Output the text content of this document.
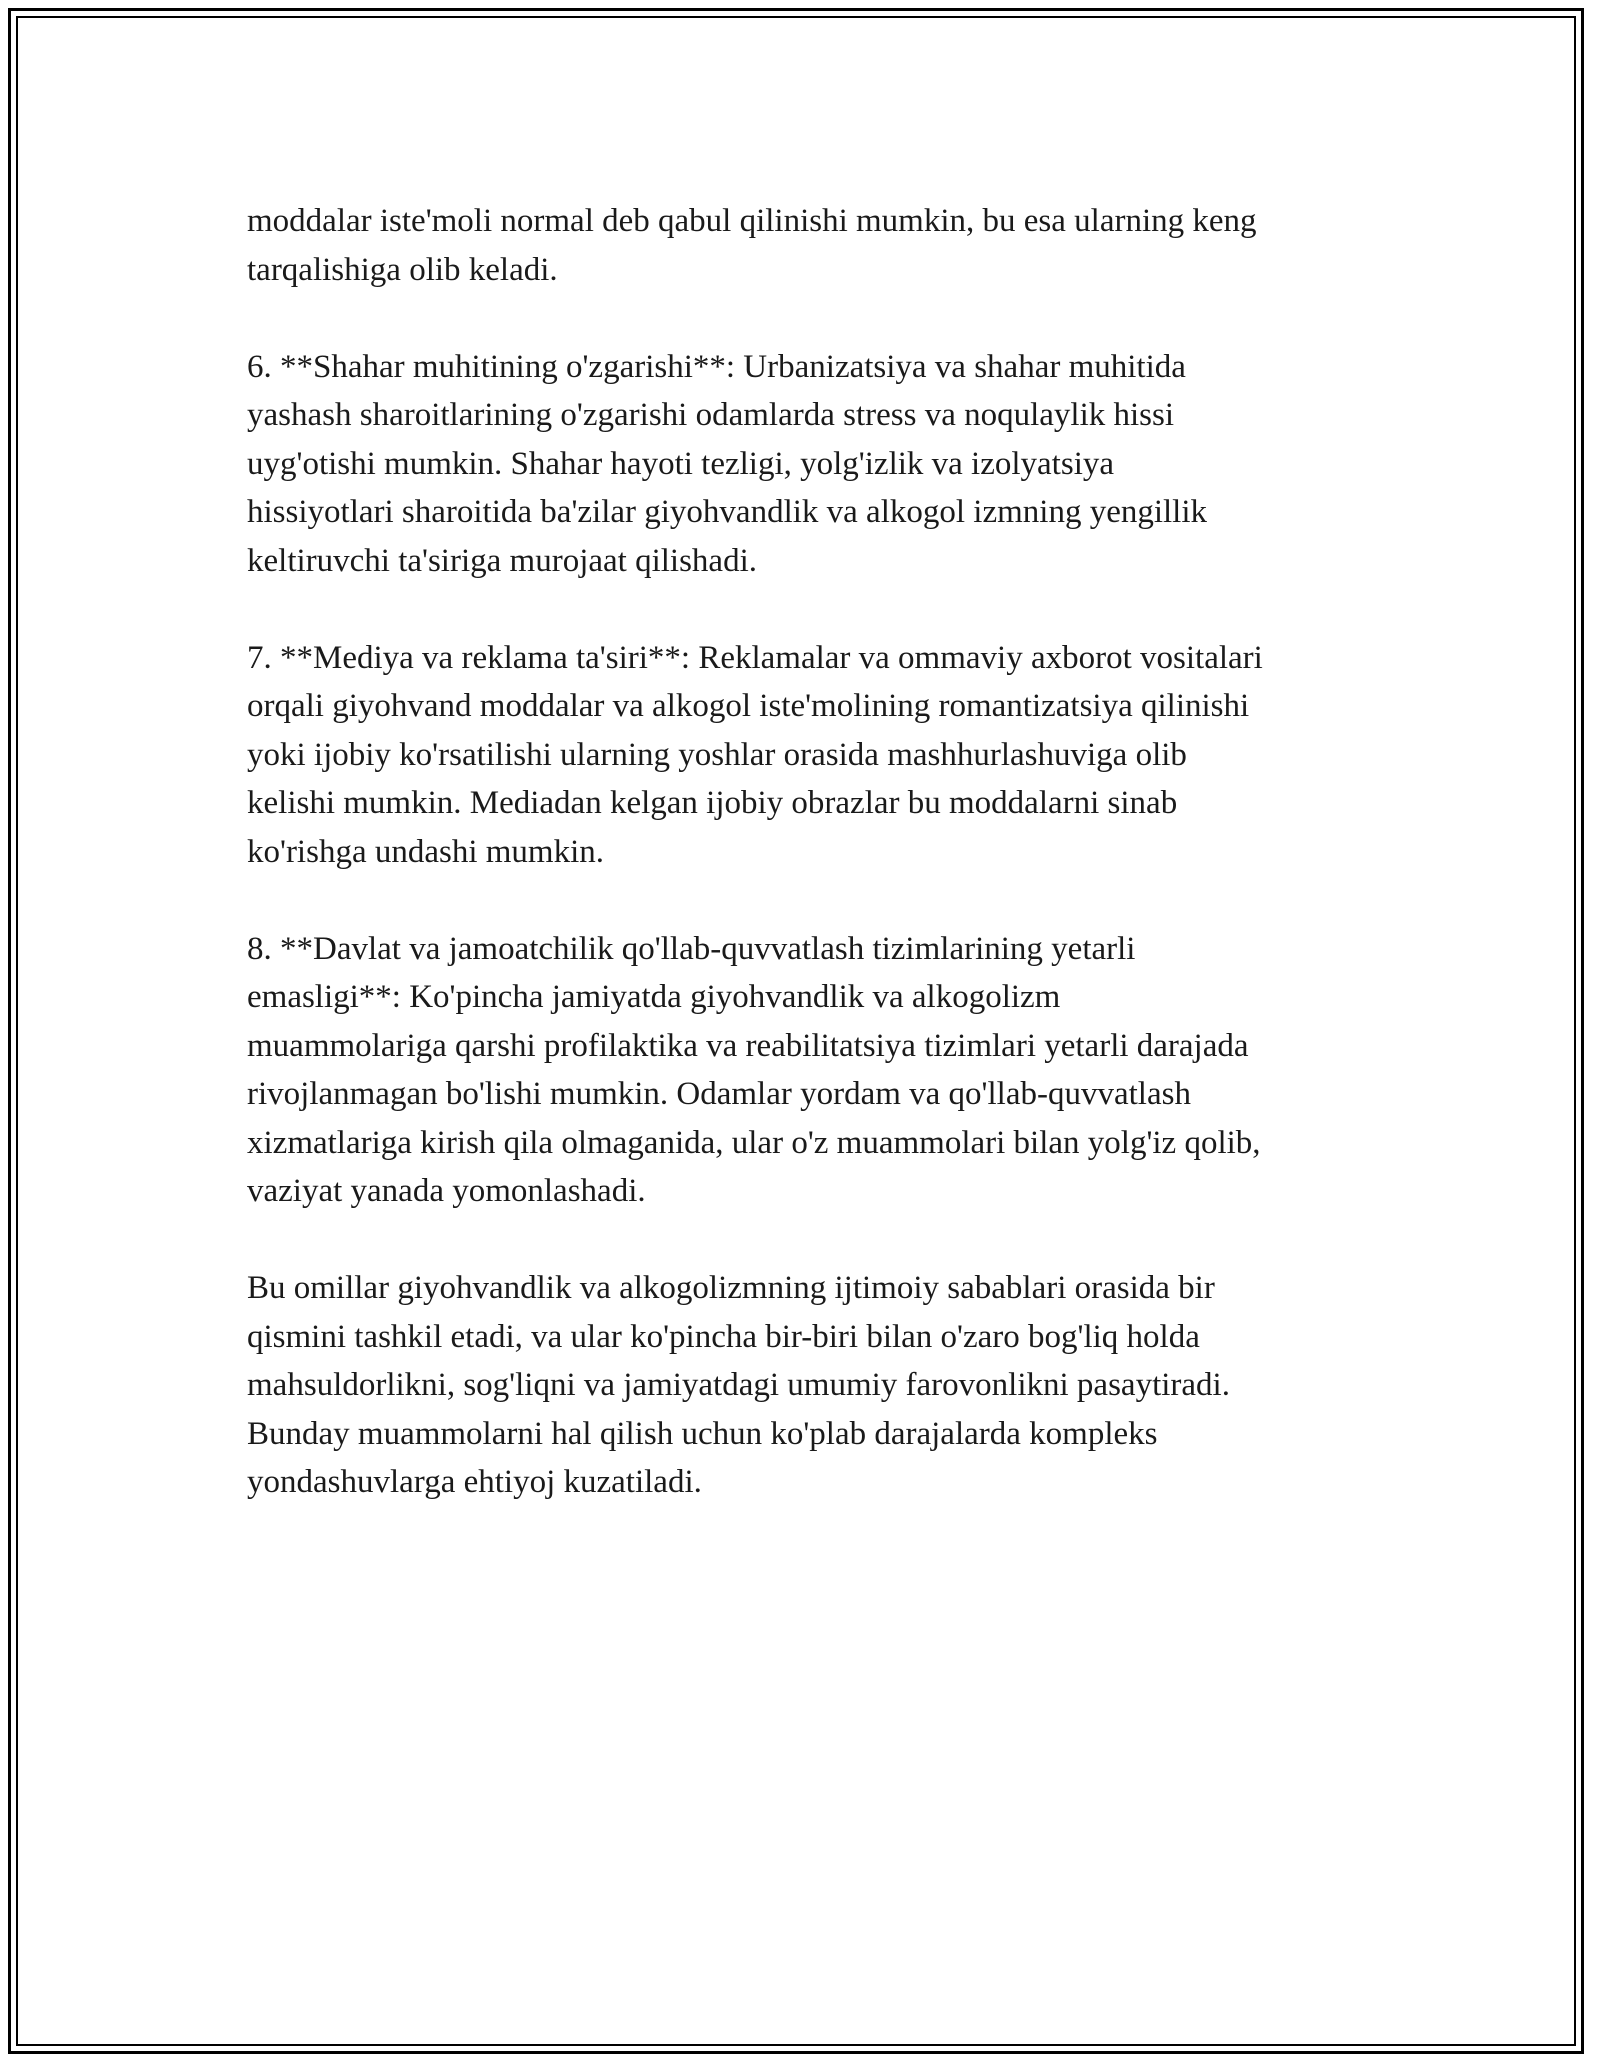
moddalar iste'moli normal deb qabul qilinishi mumkin, bu esa ularning keng
tarqalishiga olib keladi.

6. **Shahar muhitining o'zgarishi**: Urbanizatsiya va shahar muhitida
yashash sharoitlarining o'zgarishi odamlarda stress va noqulaylik hissi
uyg'otishi mumkin. Shahar hayoti tezligi, yolg'izlik va izolyatsiya
hissiyotlari sharoitida ba'zilar giyohvandlik va alkogol izmning yengillik
keltiruvchi ta'siriga murojaat qilishadi.

7. **Mediya va reklama ta'siri**: Reklamalar va ommaviy axborot vositalari
orqali giyohvand moddalar va alkogol iste'molining romantizatsiya qilinishi
yoki ijobiy ko'rsatilishi ularning yoshlar orasida mashhurlashuviga olib
kelishi mumkin. Mediadan kelgan ijobiy obrazlar bu moddalarni sinab
ko'rishga undashi mumkin.

8. **Davlat va jamoatchilik qo'llab-quvvatlash tizimlarining yetarli
emasligi**: Ko'pincha jamiyatda giyohvandlik va alkogolizm
muammolariga qarshi profilaktika va reabilitatsiya tizimlari yetarli darajada
rivojlanmagan bo'lishi mumkin. Odamlar yordam va qo'llab-quvvatlash
xizmatlariga kirish qila olmaganida, ular o'z muammolari bilan yolg'iz qolib,
vaziyat yanada yomonlashadi.

Bu omillar giyohvandlik va alkogolizmning ijtimoiy sabablari orasida bir
qismini tashkil etadi, va ular ko'pincha bir-biri bilan o'zaro bog'liq holda
mahsuldorlikni, sog'liqni va jamiyatdagi umumiy farovonlikni pasaytiradi.
Bunday muammolarni hal qilish uchun ko'plab darajalarda kompleks
yondashuvlarga ehtiyoj kuzatiladi.
